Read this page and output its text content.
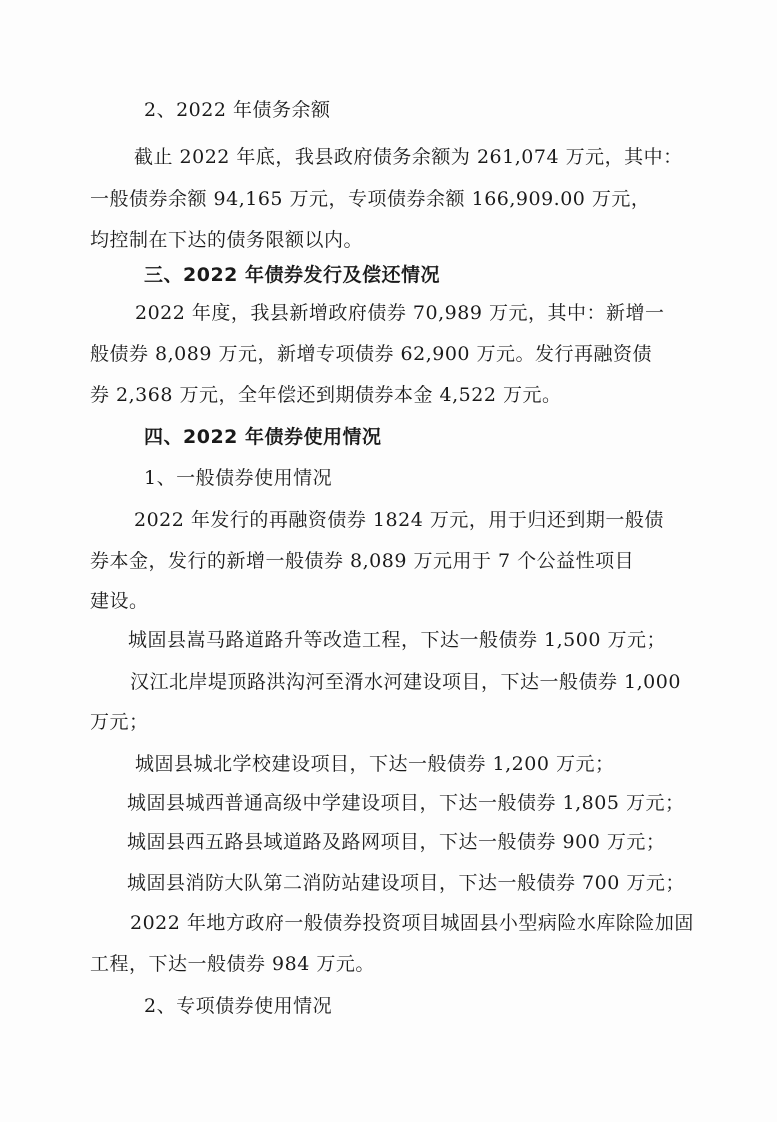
2、2022 年债务余额
截止 2022 年底，我县政府债务余额为 261,074 万元，其中：
一般债券余额 94,165 万元，专项债券余额 166,909.00 万元，
均控制在下达的债务限额以内。
三、2022 年债券发行及偿还情况
2022 年度，我县新增政府债券 70,989 万元，其中：新增一
般债券 8,089 万元，新增专项债券 62,900 万元。发行再融资债
券 2,368 万元，全年偿还到期债券本金 4,522 万元。
四、2022 年债券使用情况
1、一般债券使用情况
2022 年发行的再融资债券 1824 万元，用于归还到期一般债
券本金，发行的新增一般债券 8,089 万元用于 7 个公益性项目
建设。
城固县嵩马路道路升等改造工程，下达一般债券 1,500 万元；
汉江北岸堤顶路洪沟河至湑水河建设项目，下达一般债券 1,000
万元；
城固县城北学校建设项目，下达一般债券 1,200 万元；
城固县城西普通高级中学建设项目，下达一般债券 1,805 万元；
城固县西五路县域道路及路网项目，下达一般债券 900 万元；
城固县消防大队第二消防站建设项目，下达一般债券 700 万元；
2022 年地方政府一般债券投资项目城固县小型病险水库除险加固
工程，下达一般债券 984 万元。
2、专项债券使用情况
